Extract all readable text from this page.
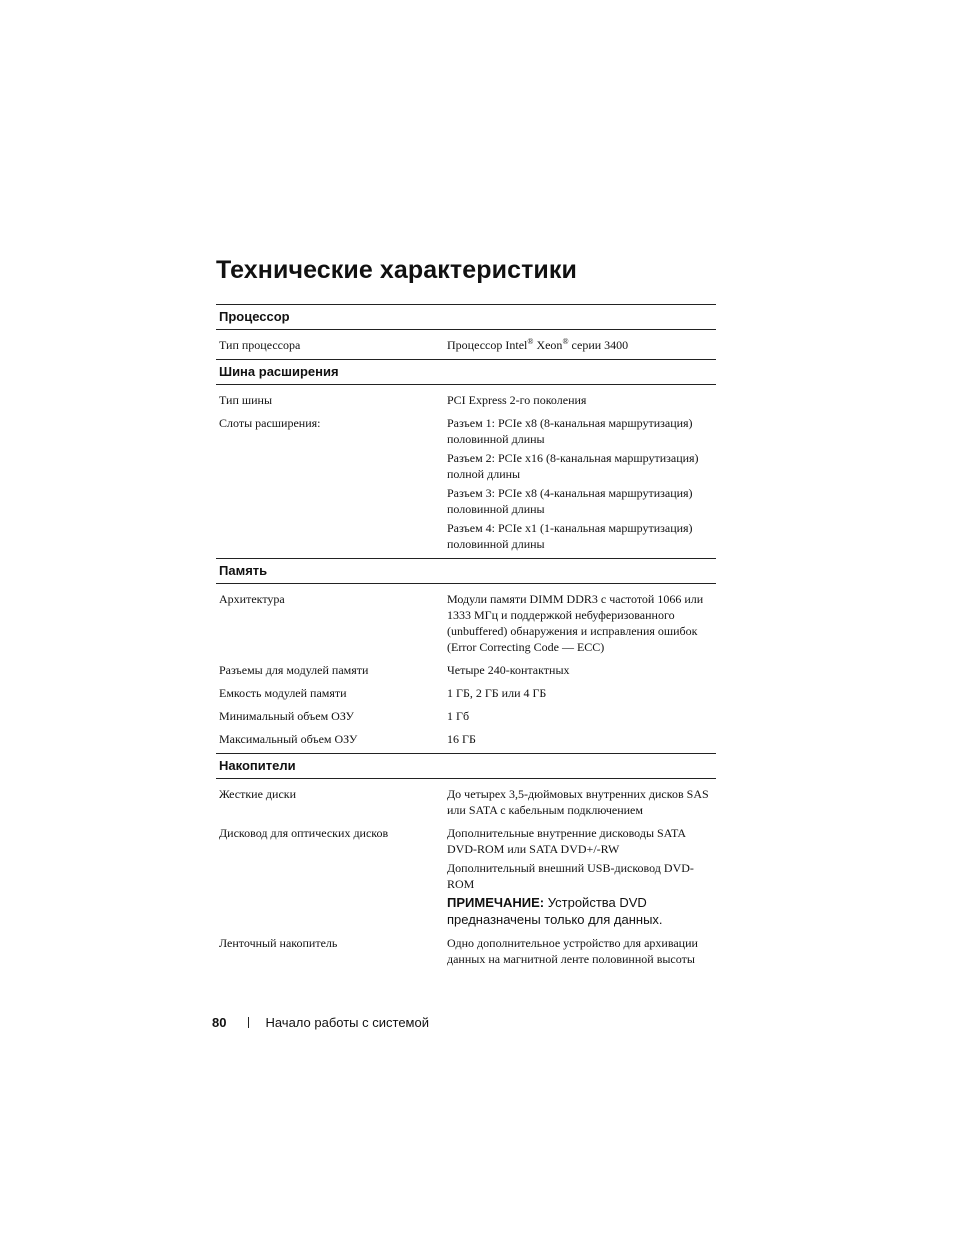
Технические характеристики
Процессор
Тип процессора	Процессор Intel® Xeon® серии 3400

Шина расширения
Тип шины	PCI Express 2-го поколения

Слоты расширения:	Разъем 1: PCIe x8 (8-канальная маршрутизация) половинной длины

Разъем 2: PCIe x16 (8-канальная маршрутизация) полной длины

Разъем 3: PCIe x8 (4-канальная маршрутизация) половинной длины

Разъем 4: PCIe x1 (1-канальная маршрутизация) половинной длины

Память
Архитектура	Модули памяти DIMM DDR3 с частотой 1066 или 1333 МГц и поддержкой небуферизованного (unbuffered) обнаружения и исправления ошибок (Error Correcting Code — ECC)

Разъемы для модулей памяти	Четыре 240-контактных

Емкость модулей памяти	1 ГБ, 2 ГБ или 4 ГБ

Минимальный объем ОЗУ	1 Гб

Максимальный объем ОЗУ	16 ГБ

Накопители
Жесткие диски	До четырех 3,5-дюймовых внутренних дисков SAS или SATA с кабельным подключением

Дисковод для оптических дисков	Дополнительные внутренние дисководы SATA DVD-ROM или SATA DVD+/-RW

Дополнительный внешний USB-дисковод DVD-ROM

ПРИМЕЧАНИЕ: Устройства DVD предназначены только для данных.
Ленточный накопитель	Одно дополнительное устройство для архивации данных на магнитной ленте половинной высоты

80	Начало работы с системой
